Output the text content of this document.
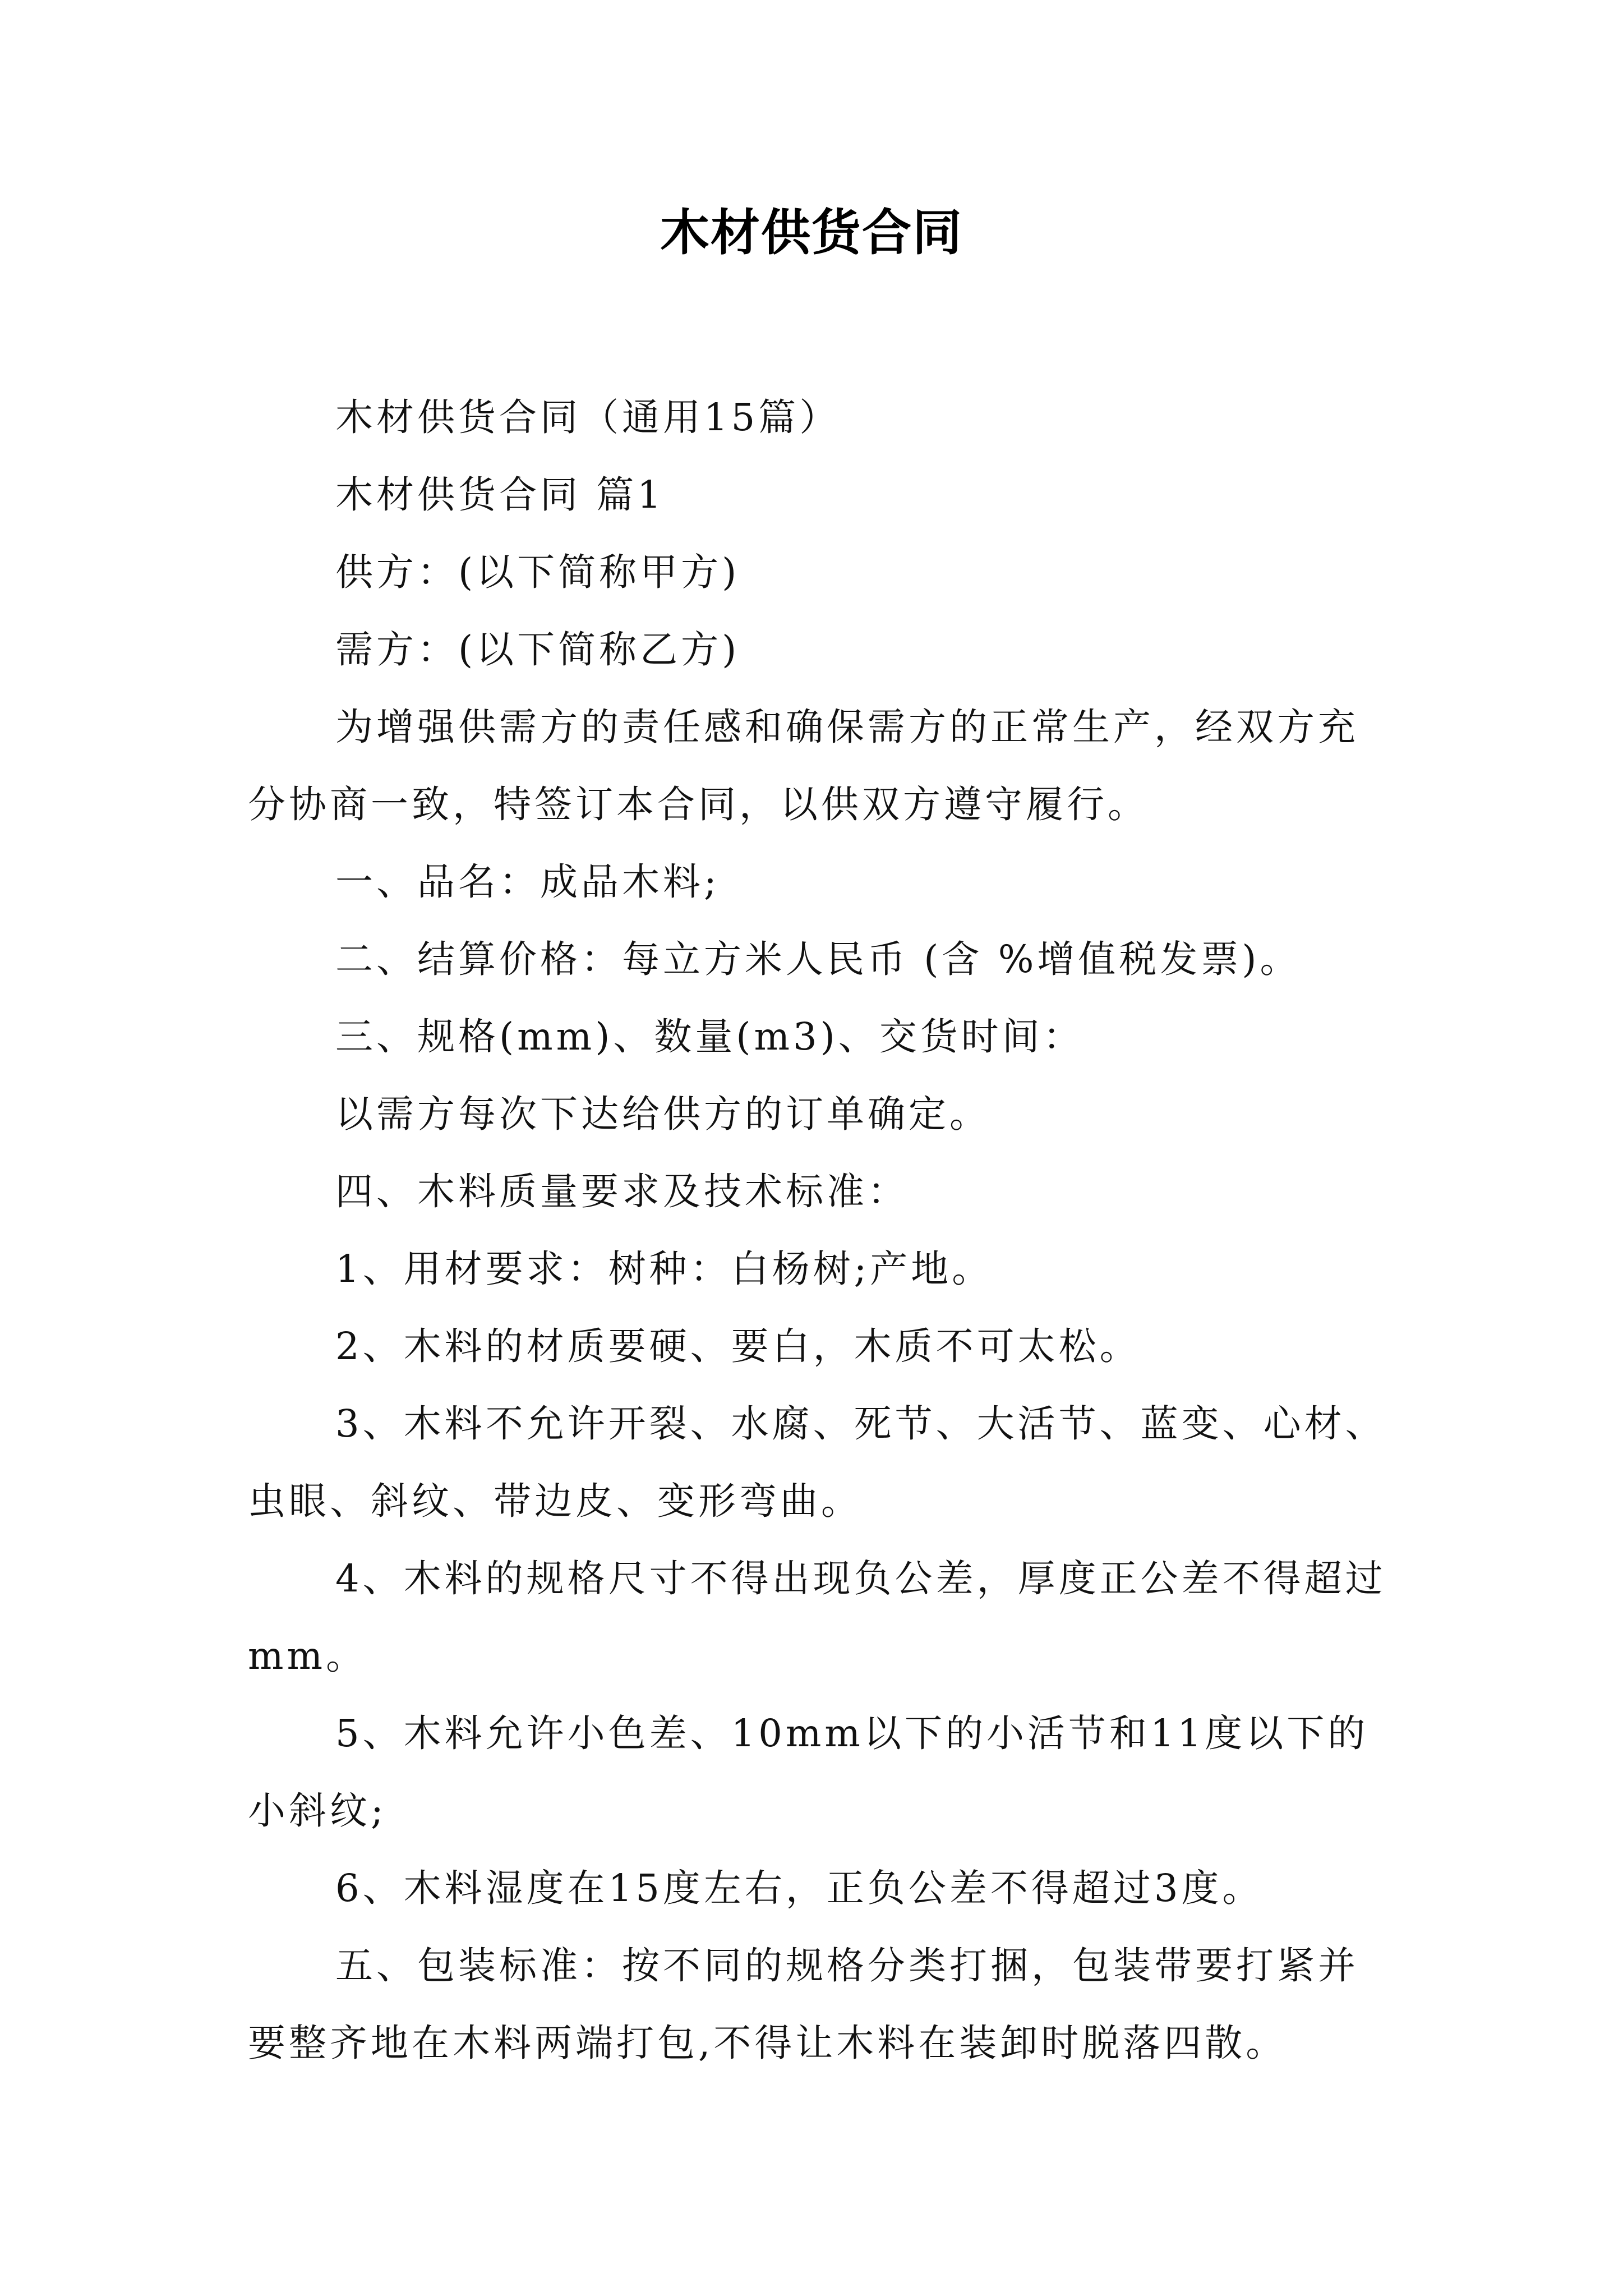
木材供货合同

木材供货合同（通用15篇）

木材供货合同 篇1

供方：(以下简称甲方)

需方：(以下简称乙方)

为增强供需方的责任感和确保需方的正常生产，经双方充分协商一致，特签订本合同，以供双方遵守履行。

一、品名：成品木料;

二、结算价格：每立方米人民币 (含 %增值税发票)。

三、规格(mm)、数量(m3)、交货时间：

以需方每次下达给供方的订单确定。

四、木料质量要求及技术标准：

1、用材要求：树种：白杨树;产地。

2、木料的材质要硬、要白，木质不可太松。

3、木料不允许开裂、水腐、死节、大活节、蓝变、心材、虫眼、斜纹、带边皮、变形弯曲。

4、木料的规格尺寸不得出现负公差，厚度正公差不得超过 mm。

5、木料允许小色差、10mm以下的小活节和11度以下的小斜纹;

6、木料湿度在15度左右，正负公差不得超过3度。

五、包装标准：按不同的规格分类打捆，包装带要打紧并要整齐地在木料两端打包,不得让木料在装卸时脱落四散。
